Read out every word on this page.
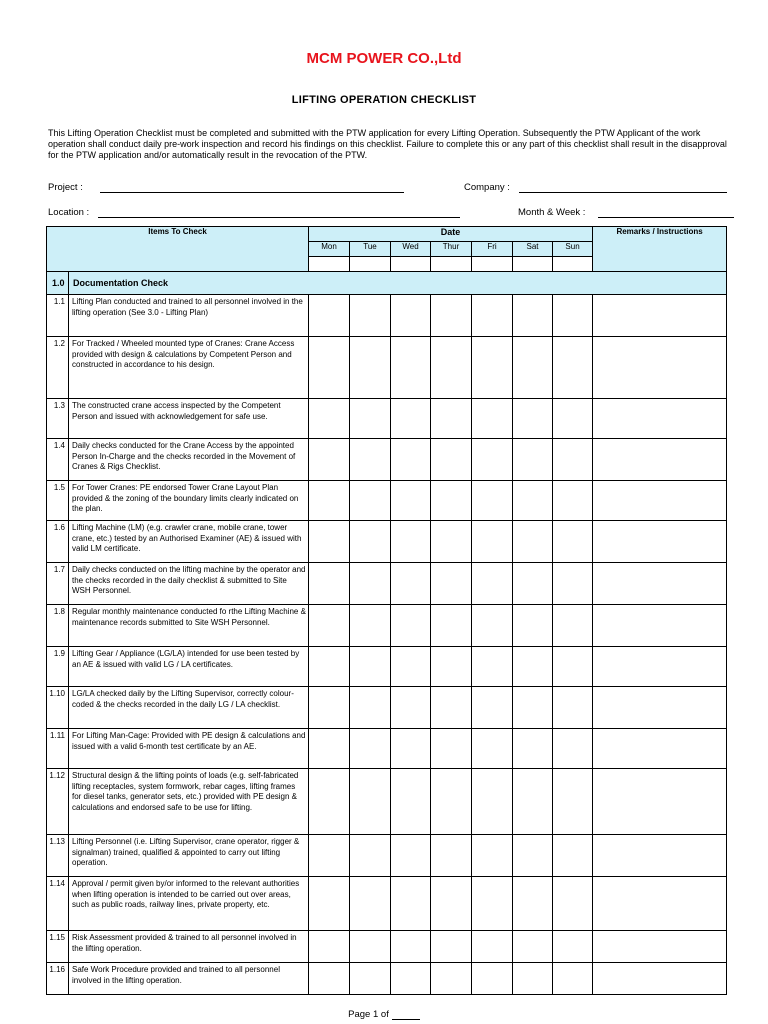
MCM POWER CO.,Ltd
LIFTING OPERATION CHECKLIST
This Lifting Operation Checklist must be completed and submitted with the PTW application for every Lifting Operation. Subsequently the PTW Applicant of the work operation shall conduct daily pre-work inspection and record his findings on this checklist. Failure to complete this or any part of this checklist shall result in the disapproval for the PTW application and/or automatically result in the revocation of the PTW.
Project :	Company :
Location :	Month & Week :
Items To Check		Date							Remarks / Instructions
		Mon	Tue	Wed	Thur	Fri	Sat	Sun	

1.0	Documentation Check								
1.1	Lifting Plan conducted and trained to all personnel involved in the lifting operation (See 3.0 - Lifting Plan)								
1.2	For Tracked / Wheeled mounted type of Cranes: Crane Access provided with design & calculations by Competent Person and constructed in accordance to his design.								
1.3	The constructed crane access inspected by the Competent Person and issued with acknowledgement for safe use.								
1.4	Daily checks conducted for the Crane Access by the appointed Person In-Charge and the checks recorded in the Movement of Cranes & Rigs Checklist.								
1.5	For Tower Cranes: PE endorsed Tower Crane Layout Plan provided & the zoning of the boundary limits clearly indicated on the plan.								
1.6	Lifting Machine (LM) (e.g. crawler crane, mobile crane, tower crane, etc.) tested by an Authorised Examiner (AE) & issued with valid LM certificate.								
1.7	Daily checks conducted on the lifting machine by the operator and the checks recorded in the daily checklist & submitted to Site WSH Personnel.								
1.8	Regular monthly maintenance conducted fo rthe Lifting Machine & maintenance records submitted to Site WSH Personnel.								
1.9	Lifting Gear / Appliance (LG/LA) intended for use been tested by an AE & issued with valid LG / LA certificates.								
1.10	LG/LA checked daily by the Lifting Supervisor, correctly colour-coded & the checks recorded in the daily LG / LA checklist.								
1.11	For Lifting Man-Cage: Provided with PE design & calculations and issued with a valid 6-month test certificate by an AE.								
1.12	Structural design & the lifting points of loads (e.g. self-fabricated lifting receptacles, system formwork, rebar cages, lifting frames for diesel tanks, generator sets, etc.) provided with PE design & calculations and endorsed safe to be use for lifting.								
1.13	Lifting Personnel (i.e. Lifting Supervisor, crane operator, rigger & signalman) trained, qualified & appointed to carry out lifting operation.								
1.14	Approval / permit given by/or informed to the relevant authorities when lifting operation is intended to be carried out over areas, such as public roads, railway lines, private property, etc.								
1.15	Risk Assessment provided & trained to all personnel involved in the lifting operation.								
1.16	Safe Work Procedure provided and trained to all personnel involved in the lifting operation.								
Page 1 of
